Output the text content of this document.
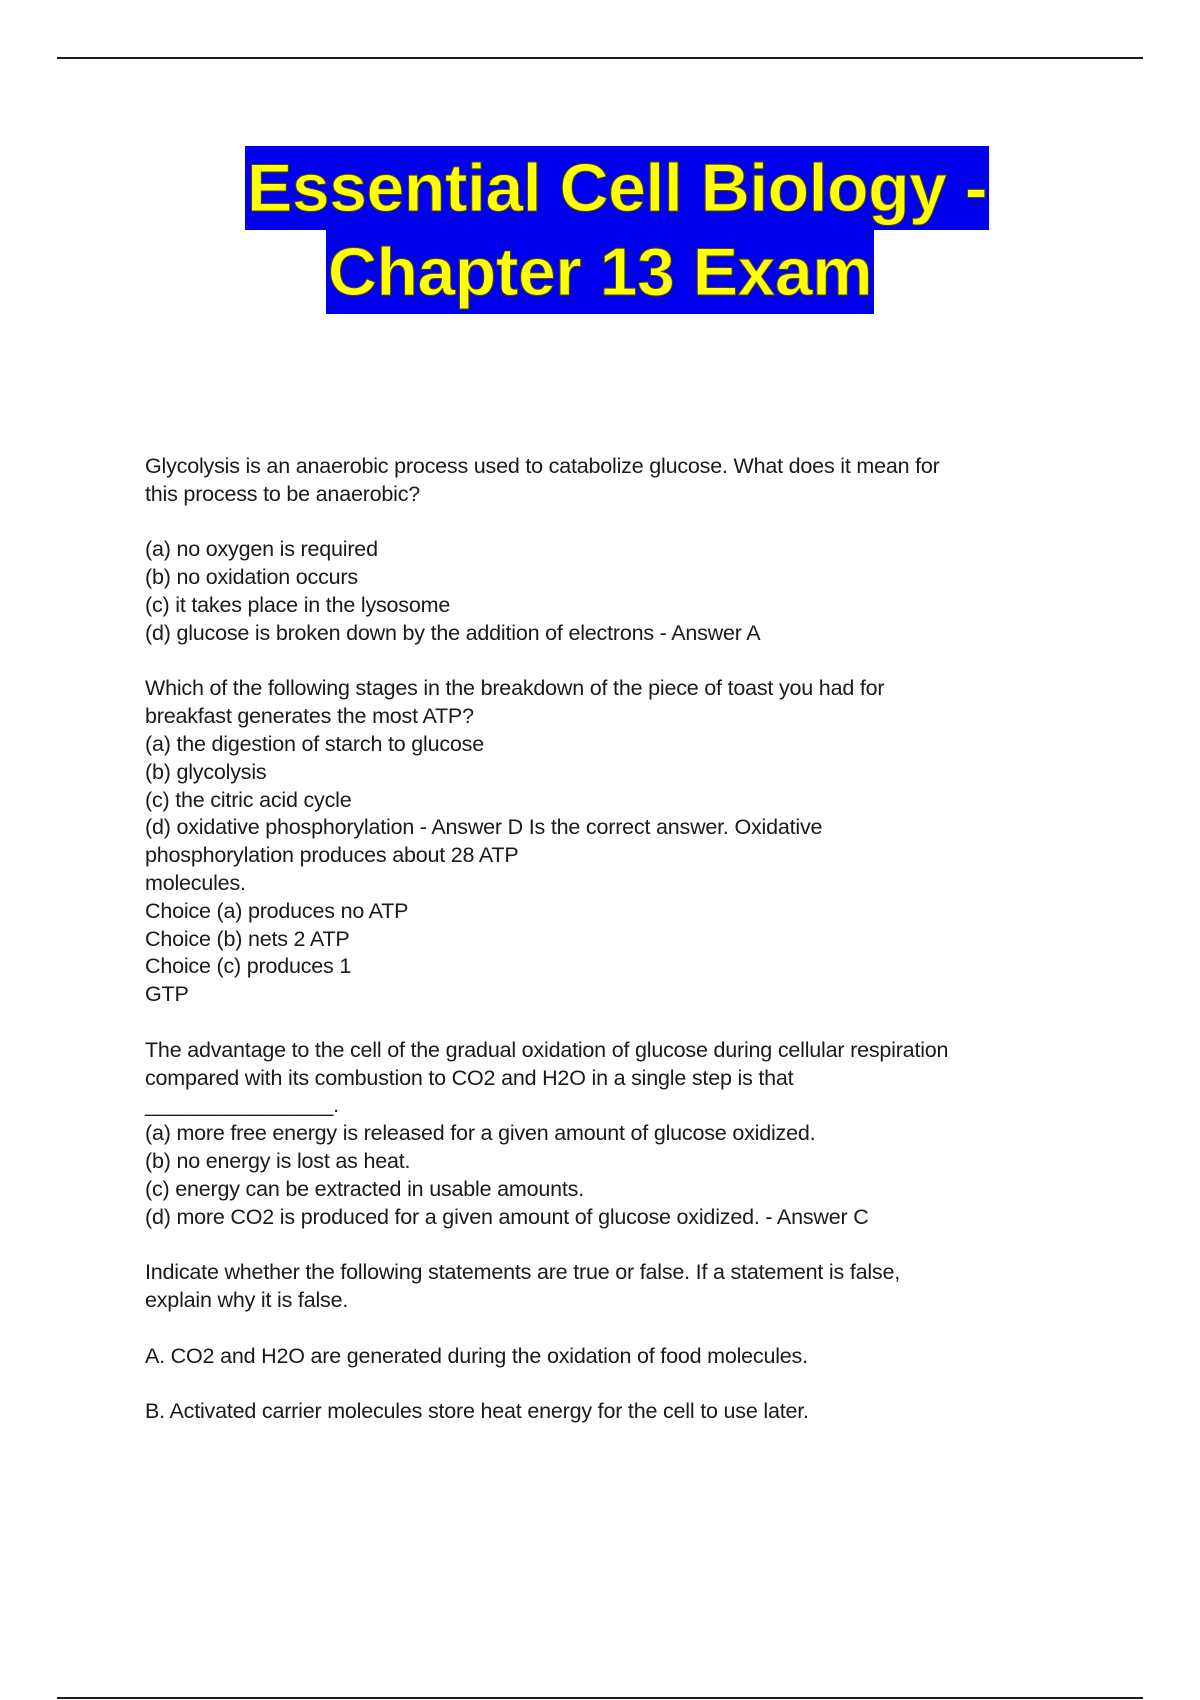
Essential Cell Biology -
Chapter 13 Exam
Glycolysis is an anaerobic process used to catabolize glucose. What does it mean for
this process to be anaerobic?
(a) no oxygen is required
(b) no oxidation occurs
(c) it takes place in the lysosome
(d) glucose is broken down by the addition of electrons - Answer A
Which of the following stages in the breakdown of the piece of toast you had for
breakfast generates the most ATP?
(a) the digestion of starch to glucose
(b) glycolysis
(c) the citric acid cycle
(d) oxidative phosphorylation - Answer D Is the correct answer. Oxidative
phosphorylation produces about 28 ATP
molecules.
Choice (a) produces no ATP
Choice (b) nets 2 ATP
Choice (c) produces 1
GTP
The advantage to the cell of the gradual oxidation of glucose during cellular respiration
compared with its combustion to CO2 and H2O in a single step is that
________________.
(a) more free energy is released for a given amount of glucose oxidized.
(b) no energy is lost as heat.
(c) energy can be extracted in usable amounts.
(d) more CO2 is produced for a given amount of glucose oxidized. - Answer C
Indicate whether the following statements are true or false. If a statement is false,
explain why it is false.
A. CO2 and H2O are generated during the oxidation of food molecules.
B. Activated carrier molecules store heat energy for the cell to use later.
